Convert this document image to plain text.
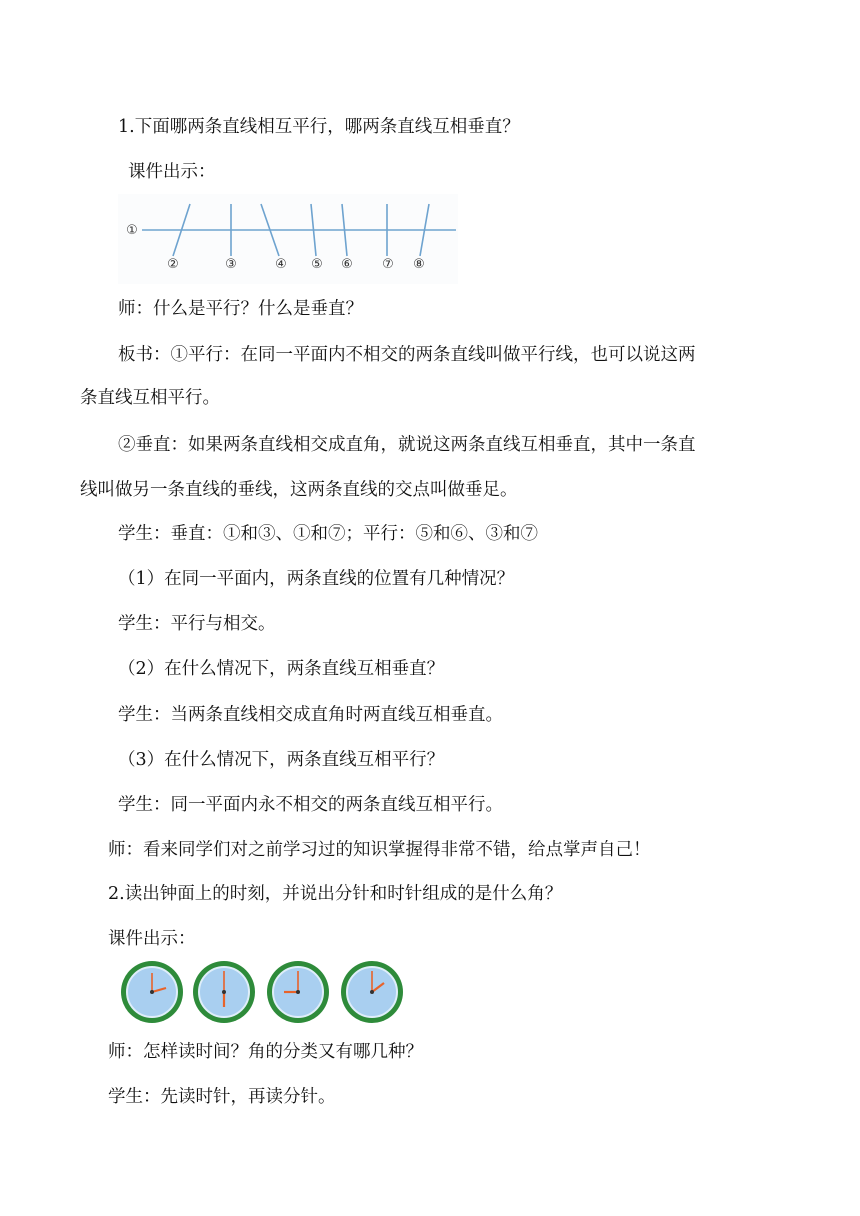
1.下面哪两条直线相互平行，哪两条直线互相垂直？
课件出示：
①
②	③	④ ⑤ ⑥ ⑦ ⑧
师：什么是平行？什么是垂直？
板书：①平行：在同一平面内不相交的两条直线叫做平行线，也可以说这两
条直线互相平行。
②垂直：如果两条直线相交成直角，就说这两条直线互相垂直，其中一条直
线叫做另一条直线的垂线，这两条直线的交点叫做垂足。
学生：垂直：①和③、①和⑦；平行：⑤和⑥、③和⑦
（1）在同一平面内，两条直线的位置有几种情况？
学生：平行与相交。
（2）在什么情况下，两条直线互相垂直？
学生：当两条直线相交成直角时两直线互相垂直。
（3）在什么情况下，两条直线互相平行？
学生：同一平面内永不相交的两条直线互相平行。
师：看来同学们对之前学习过的知识掌握得非常不错，给点掌声自己！
2.读出钟面上的时刻，并说出分针和时针组成的是什么角？
课件出示：
师：怎样读时间？角的分类又有哪几种？
学生：先读时针，再读分针。
